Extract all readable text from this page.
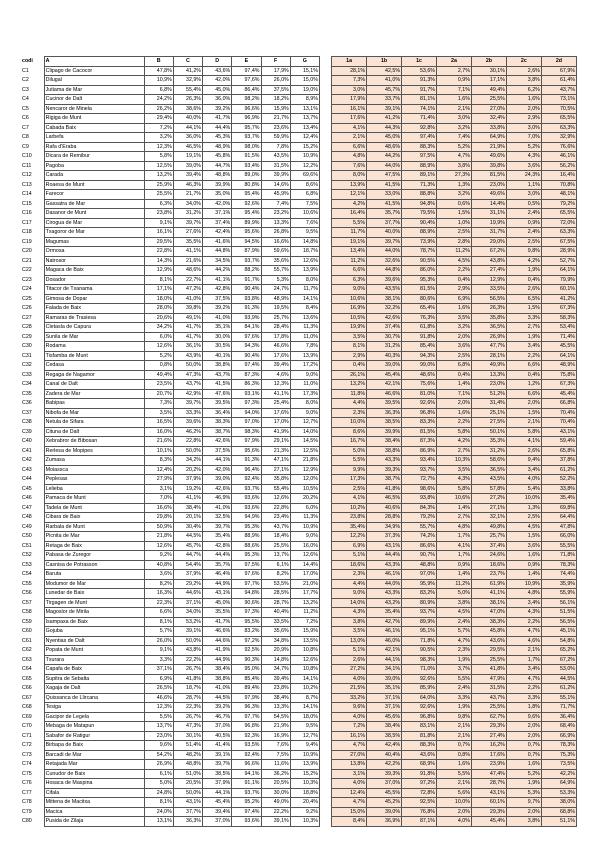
codi	A	B	C	D	E	F	G		1a	1b	1c	2a	2b	2c	2d
C1	Clipago de Cacocor	47,8%	41,2%	43,6%	97,4%	17,9%	15,1%		28,1%	42,5%	53,6%	2,7%	30,1%	2,6%	67,9%
C2	Dilugal	10,9%	32,9%	42,0%	97,6%	26,0%	15,0%		7,3%	41,0%	91,3%	0,9%	17,1%	3,8%	61,4%
C3	Jutiama de Mar	6,8%	55,4%	45,0%	86,4%	37,5%	19,0%		3,0%	45,7%	91,7%	7,1%	49,4%	6,2%	43,7%
C4	Cucinor de Dalt	24,2%	26,3%	36,0%	98,2%	18,2%	8,9%		17,9%	33,7%	81,1%	1,6%	25,5%	1,6%	73,1%
C5	Nencaror de Minela	26,2%	38,6%	39,2%	96,6%	15,9%	13,1%		16,1%	39,1%	74,1%	2,1%	27,0%	2,0%	70,5%
C6	Rigiga de Munt	29,4%	40,0%	41,7%	96,9%	21,7%	13,7%		17,6%	41,2%	71,4%	3,0%	32,4%	2,9%	65,5%
C7	Cabada Baix	7,2%	44,1%	44,4%	95,7%	23,6%	13,4%		4,1%	44,3%	92,8%	3,2%	33,8%	3,0%	63,3%
C8	Larbefa	3,2%	36,0%	45,3%	93,7%	59,9%	12,4%		2,1%	45,0%	97,4%	7,4%	64,9%	7,0%	32,9%
C9	Rafa d'Eraba	12,3%	46,5%	48,9%	98,0%	7,8%	15,2%		6,6%	48,6%	88,3%	5,2%	21,9%	5,2%	76,6%
C10	Dicara de Remibur	5,8%	19,1%	45,8%	91,5%	43,5%	10,9%		4,8%	44,2%	97,5%	4,7%	49,6%	4,3%	46,1%
C11	Pagoba	12,5%	39,0%	44,7%	93,4%	31,5%	12,2%		7,6%	44,0%	88,9%	3,8%	39,8%	3,6%	56,2%
C12	Carada	13,2%	39,4%	48,8%	89,0%	39,9%	69,6%		8,0%	47,5%	89,1%	27,3%	81,5%	24,3%	16,4%
C13	Roaesa de Munt	25,9%	46,3%	39,9%	80,8%	14,6%	8,6%		13,9%	41,5%	71,3%	1,3%	23,0%	1,1%	70,8%
C14	Farecor	25,5%	21,7%	35,0%	95,4%	45,9%	6,8%		12,1%	33,0%	88,8%	3,2%	49,6%	3,0%	48,1%
C15	Gassatra de Mar	6,3%	34,0%	42,0%	92,6%	7,4%	7,5%		4,2%	41,5%	94,8%	0,6%	14,4%	0,5%	79,2%
C16	Dasanor de Munt	23,8%	31,2%	37,1%	95,4%	23,2%	10,6%		16,4%	35,7%	79,5%	1,5%	31,1%	2,4%	65,5%
C17	Cirogua de Mar	9,1%	39,7%	37,4%	89,9%	13,3%	7,6%		5,5%	37,7%	90,4%	1,0%	19,9%	0,9%	72,0%
C18	Txagoror de Mar	16,1%	27,6%	42,4%	95,6%	26,8%	9,5%		11,7%	40,0%	88,9%	2,5%	31,7%	2,4%	63,3%
C19	Magumas	29,5%	35,5%	41,6%	94,5%	16,6%	14,8%		19,1%	39,7%	73,9%	2,8%	29,0%	2,5%	67,5%
C20	Ormosa	22,8%	41,1%	44,8%	87,9%	59,6%	18,7%		13,4%	44,0%	78,7%	11,2%	67,2%	9,8%	28,9%
C21	Natrosor	14,3%	21,6%	34,5%	93,7%	35,6%	12,6%		11,2%	32,6%	90,5%	4,5%	43,8%	4,2%	52,7%
C22	Magaca de Baix	12,9%	48,6%	44,2%	88,2%	55,7%	13,9%		6,6%	44,8%	86,0%	2,2%	27,4%	1,9%	64,1%
C23	Dosador	8,1%	22,7%	41,1%	91,7%	5,3%	8,0%		6,3%	39,6%	95,3%	0,4%	12,9%	0,4%	79,9%
C24	Titacor de Txanama	17,1%	47,2%	42,8%	90,4%	24,7%	11,7%		9,0%	43,5%	81,5%	2,9%	33,5%	2,6%	60,1%
C25	Gimosa de Dopar	18,0%	41,0%	37,5%	93,8%	48,9%	14,1%		10,6%	38,1%	80,6%	6,9%	56,5%	6,5%	41,2%
C26	Falada de Baix	28,0%	39,8%	39,2%	91,3%	19,5%	8,4%		16,9%	32,2%	65,4%	1,6%	26,3%	1,5%	67,3%
C27	Ramaras de Trasiesa	20,6%	49,1%	41,0%	93,9%	25,7%	13,6%		10,5%	42,6%	76,3%	3,5%	35,8%	3,3%	58,3%
C28	Cletasla de Capura	34,2%	41,7%	35,1%	84,1%	28,4%	11,3%		19,9%	37,4%	61,8%	3,2%	36,5%	2,7%	53,4%
C29	Sunila de Mar	6,0%	41,7%	30,0%	97,6%	17,8%	11,0%		3,5%	30,7%	91,8%	2,0%	26,9%	1,9%	71,4%
C30	Rodama	12,6%	36,1%	30,5%	94,3%	46,6%	7,8%		8,1%	31,2%	85,4%	3,6%	47,7%	3,4%	45,5%
C31	Tisfamba de Munt	5,2%	43,9%	40,1%	90,4%	17,6%	13,9%		2,9%	40,3%	94,3%	2,5%	28,1%	2,2%	64,1%
C32	Cedasa	0,8%	50,0%	38,8%	97,4%	39,4%	17,2%		0,4%	39,0%	99,0%	6,8%	49,9%	6,6%	48,9%
C33	Regaga de Nagamor	49,4%	47,3%	43,7%	87,3%	4,6%	9,0%		26,1%	45,4%	48,6%	0,4%	13,3%	0,4%	75,8%
C34	Canal de Dalt	23,5%	43,7%	41,5%	86,3%	12,3%	11,0%		13,2%	42,1%	75,6%	1,4%	23,0%	1,2%	67,3%
C35	Zadera de Mar	20,7%	42,9%	47,6%	93,1%	41,1%	17,3%		11,8%	46,6%	81,0%	7,1%	51,2%	6,6%	45,4%
C36	Babipas	7,3%	39,7%	39,5%	97,3%	25,4%	8,0%		4,4%	39,5%	92,6%	2,0%	31,4%	2,0%	66,8%
C37	Nibofa de Mar	3,5%	33,3%	36,4%	94,0%	17,6%	9,0%		2,3%	36,3%	96,8%	1,6%	25,1%	1,5%	70,4%
C38	Netula de Sifara	16,5%	39,6%	38,3%	97,0%	17,0%	12,7%		10,0%	38,5%	83,3%	2,2%	27,5%	2,1%	70,4%
C39	Cituna de Dalt	16,0%	46,2%	38,7%	98,3%	41,9%	14,0%		8,6%	39,9%	81,5%	5,8%	50,1%	5,8%	43,1%
C40	Xebrabror de Bibosan	21,6%	22,8%	42,6%	97,9%	29,1%	14,5%		16,7%	38,4%	87,3%	4,2%	35,3%	4,1%	59,4%
C41	Rerlesa de Mopipes	10,1%	50,0%	37,5%	95,6%	21,3%	12,5%		5,0%	38,8%	86,9%	2,7%	31,2%	2,6%	65,8%
C42	Zumasa	8,3%	34,2%	44,1%	91,3%	47,1%	21,8%		5,5%	43,3%	93,4%	10,3%	58,6%	9,4%	37,8%
C43	Moiassca	12,4%	20,2%	42,0%	96,4%	27,1%	12,9%		9,9%	39,3%	93,7%	3,5%	36,5%	3,4%	61,2%
C44	Peplesas	27,9%	37,9%	39,0%	92,4%	35,8%	12,0%		17,3%	38,7%	72,7%	4,3%	43,5%	4,0%	52,2%
C45	Lelieba	3,1%	19,2%	42,6%	93,7%	55,4%	10,5%		2,5%	41,8%	98,6%	5,8%	57,8%	5,4%	33,8%
C46	Pamaca de Munt	7,0%	41,1%	46,9%	93,6%	12,6%	20,2%		4,1%	46,5%	93,8%	10,6%	27,2%	10,0%	35,4%
C47	Tadela de Munt	16,6%	38,4%	41,0%	93,6%	22,8%	6,0%		10,2%	40,6%	84,3%	1,4%	27,1%	1,3%	69,8%
C48	Cibara de Baix	29,8%	20,1%	32,5%	94,9%	23,4%	11,3%		23,8%	28,8%	79,2%	2,7%	32,1%	2,5%	64,4%
C49	Rarbala de Munt	50,9%	30,4%	39,7%	95,3%	43,7%	10,9%		35,4%	34,9%	55,7%	4,8%	49,8%	4,5%	47,8%
C50	Picnita de Mar	21,8%	44,5%	35,4%	88,9%	18,4%	9,0%		12,2%	37,3%	74,2%	1,7%	25,7%	1,5%	66,0%
C51	Retaga de Baix	12,6%	45,7%	42,8%	88,6%	25,5%	16,0%		6,9%	43,1%	86,6%	4,1%	37,4%	3,6%	55,5%
C52	Pabasa de Zuregor	9,2%	44,7%	44,4%	95,3%	13,7%	12,6%		5,1%	44,4%	90,7%	1,7%	24,6%	1,6%	71,8%
C53	Casnisa de Potrasson	40,8%	54,4%	35,7%	97,5%	6,1%	14,4%		18,6%	43,3%	48,8%	0,9%	18,6%	0,9%	78,3%
C54	Baruta	3,6%	37,9%	46,4%	97,6%	8,2%	17,0%		2,3%	46,1%	97,0%	1,4%	23,7%	1,4%	74,4%
C55	Modumor de Mar	8,2%	29,2%	44,9%	97,7%	53,5%	21,0%		4,4%	44,0%	95,9%	11,2%	61,9%	10,9%	35,9%
C56	Lunedar de Baix	16,3%	44,6%	43,1%	94,8%	28,5%	17,7%		9,0%	43,3%	83,2%	5,0%	41,1%	4,8%	55,9%
C57	Tirgagen de Munt	22,3%	37,1%	45,0%	90,6%	28,7%	13,2%		14,0%	43,2%	80,9%	3,8%	38,1%	3,4%	56,1%
C58	Magoslor de Mirila	6,6%	34,0%	35,5%	97,3%	40,4%	11,2%		4,3%	35,4%	93,7%	4,5%	47,0%	4,3%	51,5%
C59	Isampaxa de Baix	8,1%	53,2%	41,7%	95,5%	33,5%	7,2%		3,8%	42,7%	89,9%	2,4%	38,3%	2,2%	56,5%
C60	Gojuba	5,7%	39,1%	46,6%	83,2%	35,6%	15,9%		3,5%	46,1%	95,1%	5,7%	45,8%	4,7%	45,1%
C61	Nyentias de Dalt	26,0%	50,0%	44,6%	97,2%	34,8%	13,5%		13,0%	46,0%	71,8%	4,7%	43,6%	4,6%	54,8%
C62	Popata de Munt	9,1%	43,8%	41,9%	92,5%	20,9%	10,8%		5,1%	42,1%	90,5%	2,3%	29,5%	2,1%	65,2%
C63	Txurara	3,3%	22,2%	44,9%	90,3%	14,8%	12,6%		2,6%	44,1%	98,3%	1,9%	25,5%	1,7%	67,2%
C64	Capafa de Baix	37,1%	26,7%	38,4%	95,0%	34,7%	10,8%		27,2%	34,1%	71,0%	3,7%	41,8%	3,4%	53,0%
C65	Supitra de Sebalta	6,9%	41,8%	38,8%	85,4%	39,4%	14,1%		4,0%	39,0%	92,6%	5,5%	47,9%	4,7%	44,5%
C66	Xagaja de Dalt	26,5%	18,7%	41,0%	89,4%	23,8%	10,2%		21,5%	35,1%	85,9%	2,4%	31,5%	2,2%	61,2%
C67	Quissanca de Llircana	46,6%	28,7%	44,5%	97,9%	38,4%	8,7%		33,2%	37,1%	64,0%	3,3%	43,7%	3,3%	55,1%
C68	Tesiga	12,3%	22,3%	39,2%	96,3%	13,3%	14,1%		9,6%	37,1%	92,6%	1,9%	25,5%	1,8%	71,7%
C69	Gacipor de Legela	5,5%	26,7%	46,7%	97,7%	54,5%	18,0%		4,0%	45,6%	96,8%	9,8%	62,7%	9,6%	36,4%
C70	Mebaga de Matapun	13,7%	47,3%	37,0%	96,8%	21,9%	9,5%		7,2%	38,4%	83,1%	2,1%	29,3%	2,0%	68,4%
C71	Sabafor de Ratigur	23,0%	30,1%	40,5%	92,3%	16,9%	12,7%		16,1%	38,5%	81,8%	2,1%	27,4%	2,0%	66,9%
C72	Birbapa de Baix	9,6%	51,4%	41,4%	93,5%	7,6%	9,4%		4,7%	42,4%	88,3%	0,7%	16,2%	0,7%	78,3%
C73	Barcadi de Mar	54,2%	48,2%	39,1%	92,4%	7,5%	10,9%		27,0%	40,4%	43,6%	0,8%	17,6%	0,7%	75,3%
C74	Retajada Mar	26,9%	48,8%	39,7%	96,6%	11,6%	13,9%		13,8%	42,2%	68,9%	1,6%	23,9%	1,6%	73,5%
C75	Cunudor de Baix	6,1%	51,0%	38,5%	94,1%	36,2%	15,2%		3,1%	39,3%	91,8%	5,5%	47,4%	5,2%	42,2%
C76	Hosaca de Maspina	5,0%	20,5%	37,9%	91,1%	20,5%	10,3%		4,0%	37,0%	97,2%	2,1%	28,7%	1,9%	64,9%
C77	Cifala	24,8%	50,0%	44,1%	93,7%	30,0%	18,8%		12,4%	45,5%	72,8%	5,6%	43,1%	5,3%	53,3%
C78	Mittena de Macitxa	8,1%	43,1%	45,4%	95,2%	49,0%	20,4%		4,7%	45,2%	92,5%	10,0%	60,1%	9,7%	38,0%
C79	Macica	24,0%	37,7%	39,4%	97,4%	22,2%	9,2%		15,0%	39,0%	76,8%	2,0%	29,3%	2,0%	68,8%
C80	Pusida de Zilaja	13,1%	36,3%	37,0%	93,6%	39,1%	10,3%		8,4%	36,9%	87,1%	4,0%	45,4%	3,8%	51,1%
